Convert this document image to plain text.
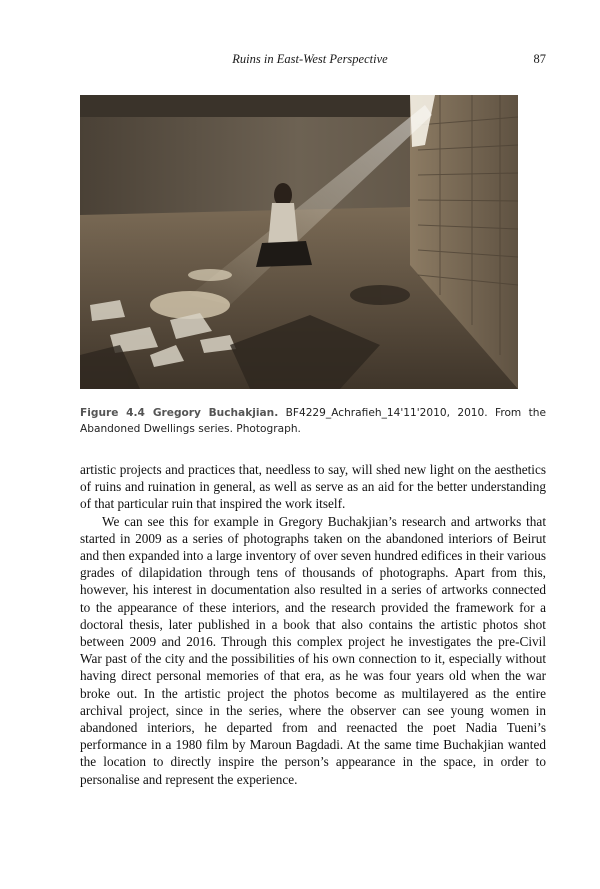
Ruins in East-West Perspective	87
Figure 4.4 Gregory Buchakjian. BF4229_Achrafieh_14'11'2010, 2010. From the Abandoned Dwellings series. Photograph.

artistic projects and practices that, needless to say, will shed new light on the aesthetics of ruins and ruination in general, as well as serve as an aid for the better understanding of that particular ruin that inspired the work itself.

We can see this for example in Gregory Buchakjian’s research and artworks that started in 2009 as a series of photographs taken on the abandoned interiors of Beirut and then expanded into a large inventory of over seven hundred edifices in their various grades of dilapidation through tens of thousands of photographs. Apart from this, however, his interest in documentation also resulted in a series of artworks connected to the appearance of these interiors, and the research provided the framework for a doctoral thesis, later published in a book that also contains the artistic photos shot between 2009 and 2016. Through this complex project he investigates the pre-Civil War past of the city and the possibilities of his own connection to it, especially without having direct personal memories of that era, as he was four years old when the war broke out. In the artistic project the photos become as multilayered as the entire archival project, since in the series, where the observer can see young women in abandoned interiors, he departed from and reenacted the poet Nadia Tueni’s performance in a 1980 film by Maroun Bagdadi. At the same time Buchakjian wanted the location to directly inspire the person’s appearance in the space, in order to personalise and represent the experience.
